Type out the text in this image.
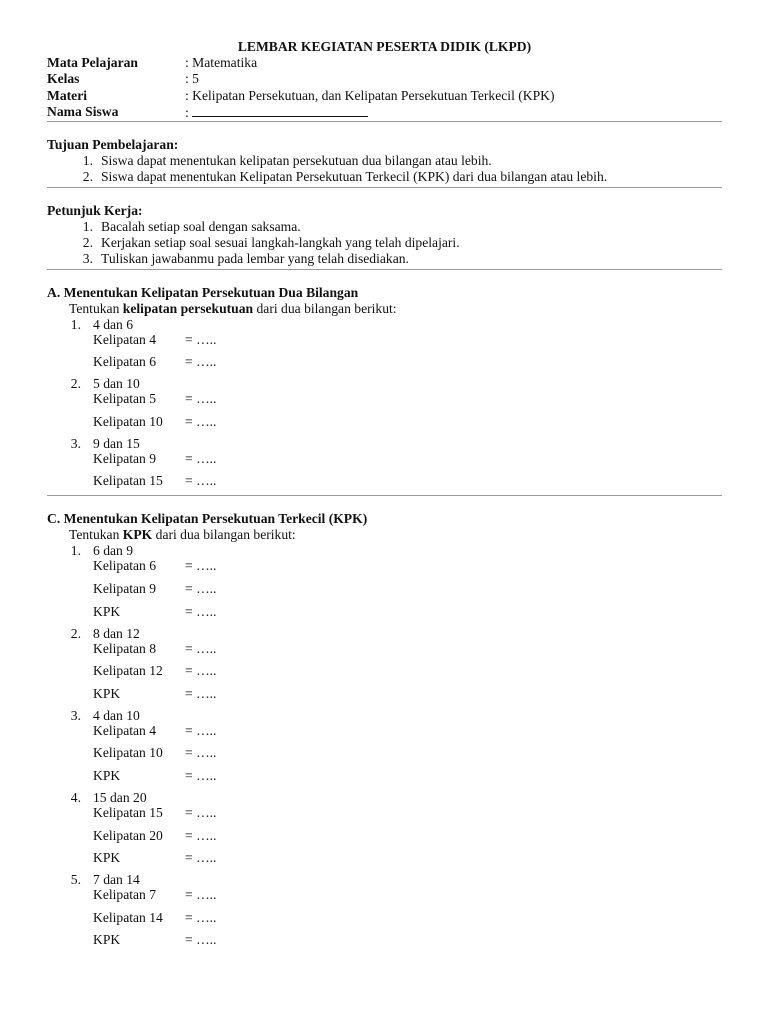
LEMBAR KEGIATAN PESERTA DIDIK (LKPD)
Mata Pelajaran	: Matematika
Kelas	: 5
Materi	: Kelipatan Persekutuan, dan Kelipatan Persekutuan Terkecil (KPK)
Nama Siswa	:
Tujuan Pembelajaran:
1. Siswa dapat menentukan kelipatan persekutuan dua bilangan atau lebih.
2. Siswa dapat menentukan Kelipatan Persekutuan Terkecil (KPK) dari dua bilangan atau lebih.
Petunjuk Kerja:
1. Bacalah setiap soal dengan saksama.
2. Kerjakan setiap soal sesuai langkah-langkah yang telah dipelajari.
3. Tuliskan jawabanmu pada lembar yang telah disediakan.
A. Menentukan Kelipatan Persekutuan Dua Bilangan
Tentukan kelipatan persekutuan dari dua bilangan berikut:
1. 4 dan 6
Kelipatan 4	= …..
Kelipatan 6	= …..
2. 5 dan 10
Kelipatan 5	= …..
Kelipatan 10	= …..
3. 9 dan 15
Kelipatan 9	= …..
Kelipatan 15	= …..
C. Menentukan Kelipatan Persekutuan Terkecil (KPK)
Tentukan KPK dari dua bilangan berikut:
1. 6 dan 9
Kelipatan 6	= …..
Kelipatan 9	= …..
KPK	= …..
2. 8 dan 12
Kelipatan 8	= …..
Kelipatan 12	= …..
KPK	= …..
3. 4 dan 10
Kelipatan 4	= …..
Kelipatan 10	= …..
KPK	= …..
4. 15 dan 20
Kelipatan 15	= …..
Kelipatan 20	= …..
KPK	= …..
5. 7 dan 14
Kelipatan 7	= …..
Kelipatan 14	= …..
KPK	= …..
